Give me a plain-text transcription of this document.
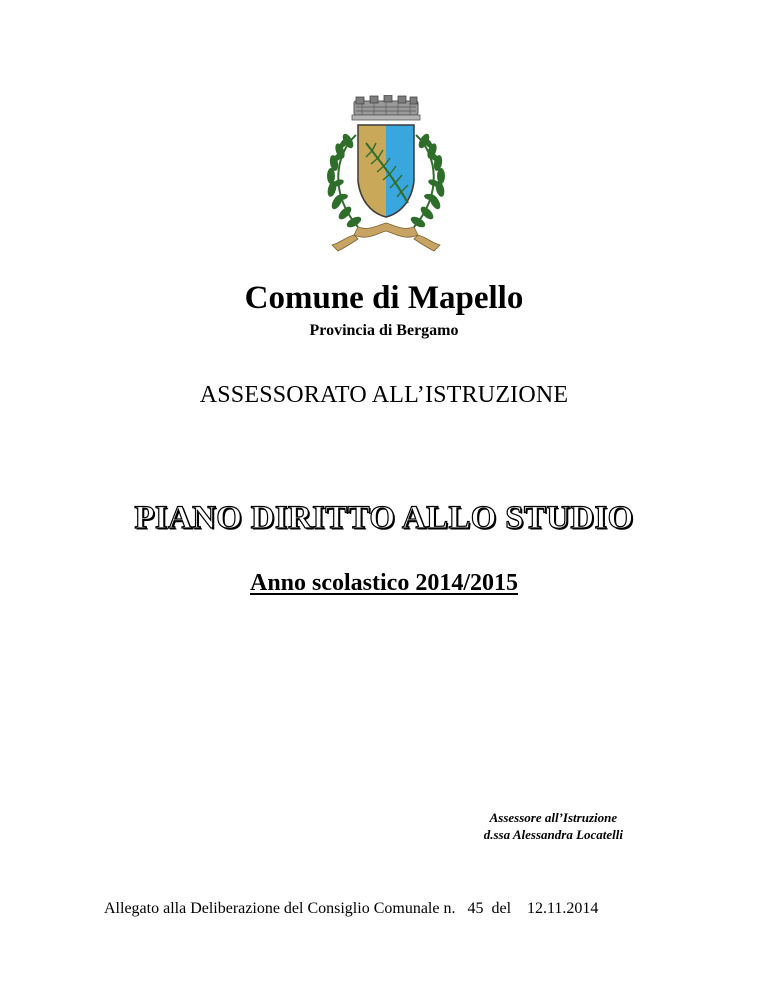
Comune di Mapello
Provincia di Bergamo
ASSESSORATO ALL’ISTRUZIONE
PIANO DIRITTO ALLO STUDIO
Anno scolastico 2014/2015
Assessore all’Istruzione
d.ssa Alessandra Locatelli
Allegato alla Deliberazione del Consiglio Comunale n.   45  del    12.11.2014
